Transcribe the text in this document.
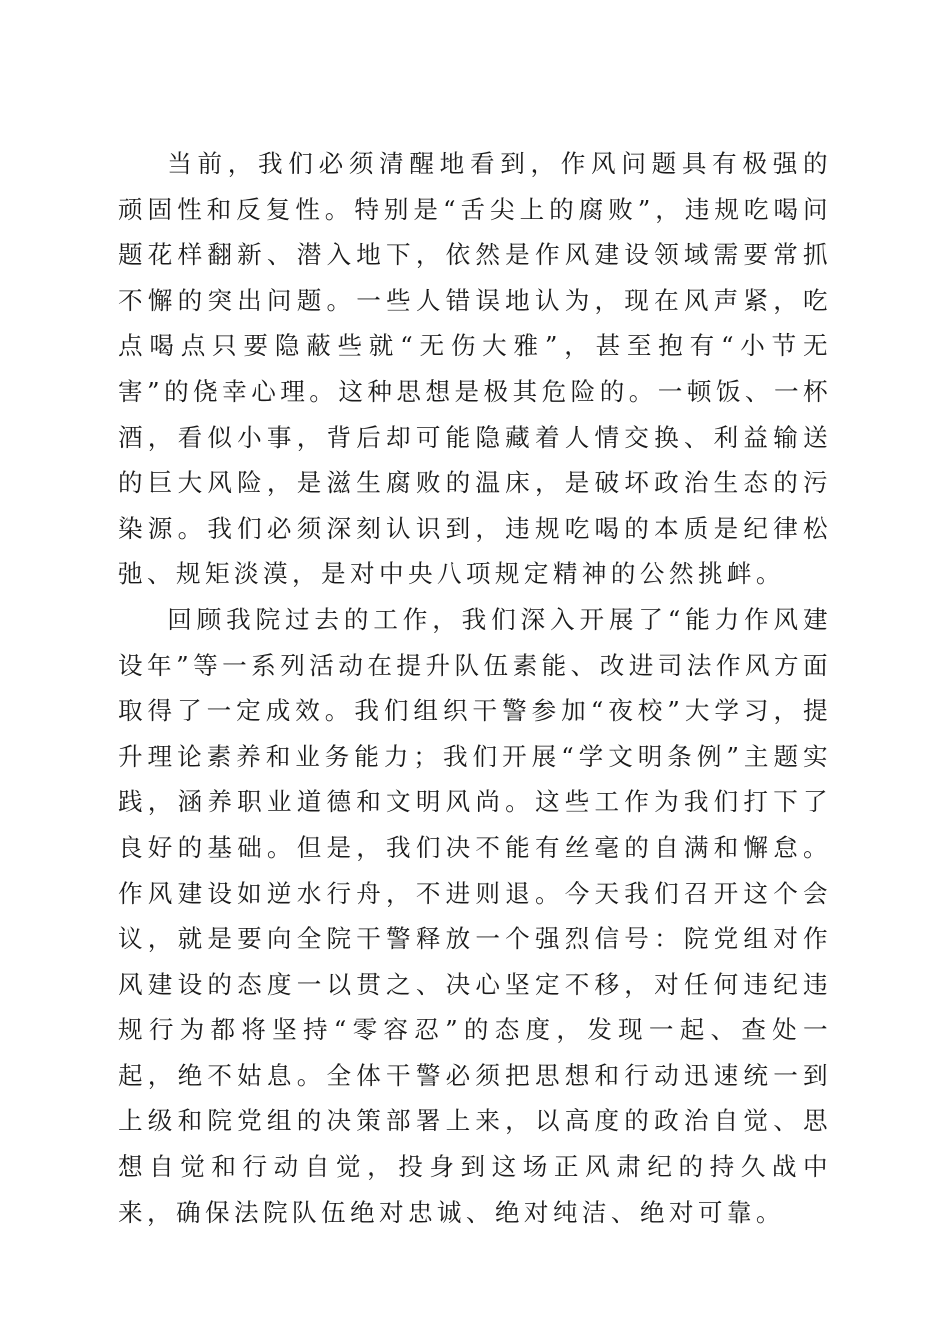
当前，我们必须清醒地看到，作风问题具有极强的顽固性和反复性。特别是“舌尖上的腐败”，违规吃喝问题花样翻新、潜入地下，依然是作风建设领域需要常抓不懈的突出问题。一些人错误地认为，现在风声紧，吃点喝点只要隐蔽些就“无伤大雅”，甚至抱有“小节无害”的侥幸心理。这种思想是极其危险的。一顿饭、一杯酒，看似小事，背后却可能隐藏着人情交换、利益输送的巨大风险，是滋生腐败的温床，是破坏政治生态的污染源。我们必须深刻认识到，违规吃喝的本质是纪律松弛、规矩淡漠，是对中央八项规定精神的公然挑衅。

回顾我院过去的工作，我们深入开展了“能力作风建设年”等一系列活动在提升队伍素能、改进司法作风方面取得了一定成效。我们组织干警参加“夜校”大学习，提升理论素养和业务能力；我们开展“学文明条例”主题实践，涵养职业道德和文明风尚。这些工作为我们打下了良好的基础。但是，我们决不能有丝毫的自满和懈怠。作风建设如逆水行舟，不进则退。今天我们召开这个会议，就是要向全院干警释放一个强烈信号：院党组对作风建设的态度一以贯之、决心坚定不移，对任何违纪违规行为都将坚持“零容忍”的态度，发现一起、查处一起，绝不姑息。全体干警必须把思想和行动迅速统一到上级和院党组的决策部署上来，以高度的政治自觉、思想自觉和行动自觉，投身到这场正风肃纪的持久战中来，确保法院队伍绝对忠诚、绝对纯洁、绝对可靠。
